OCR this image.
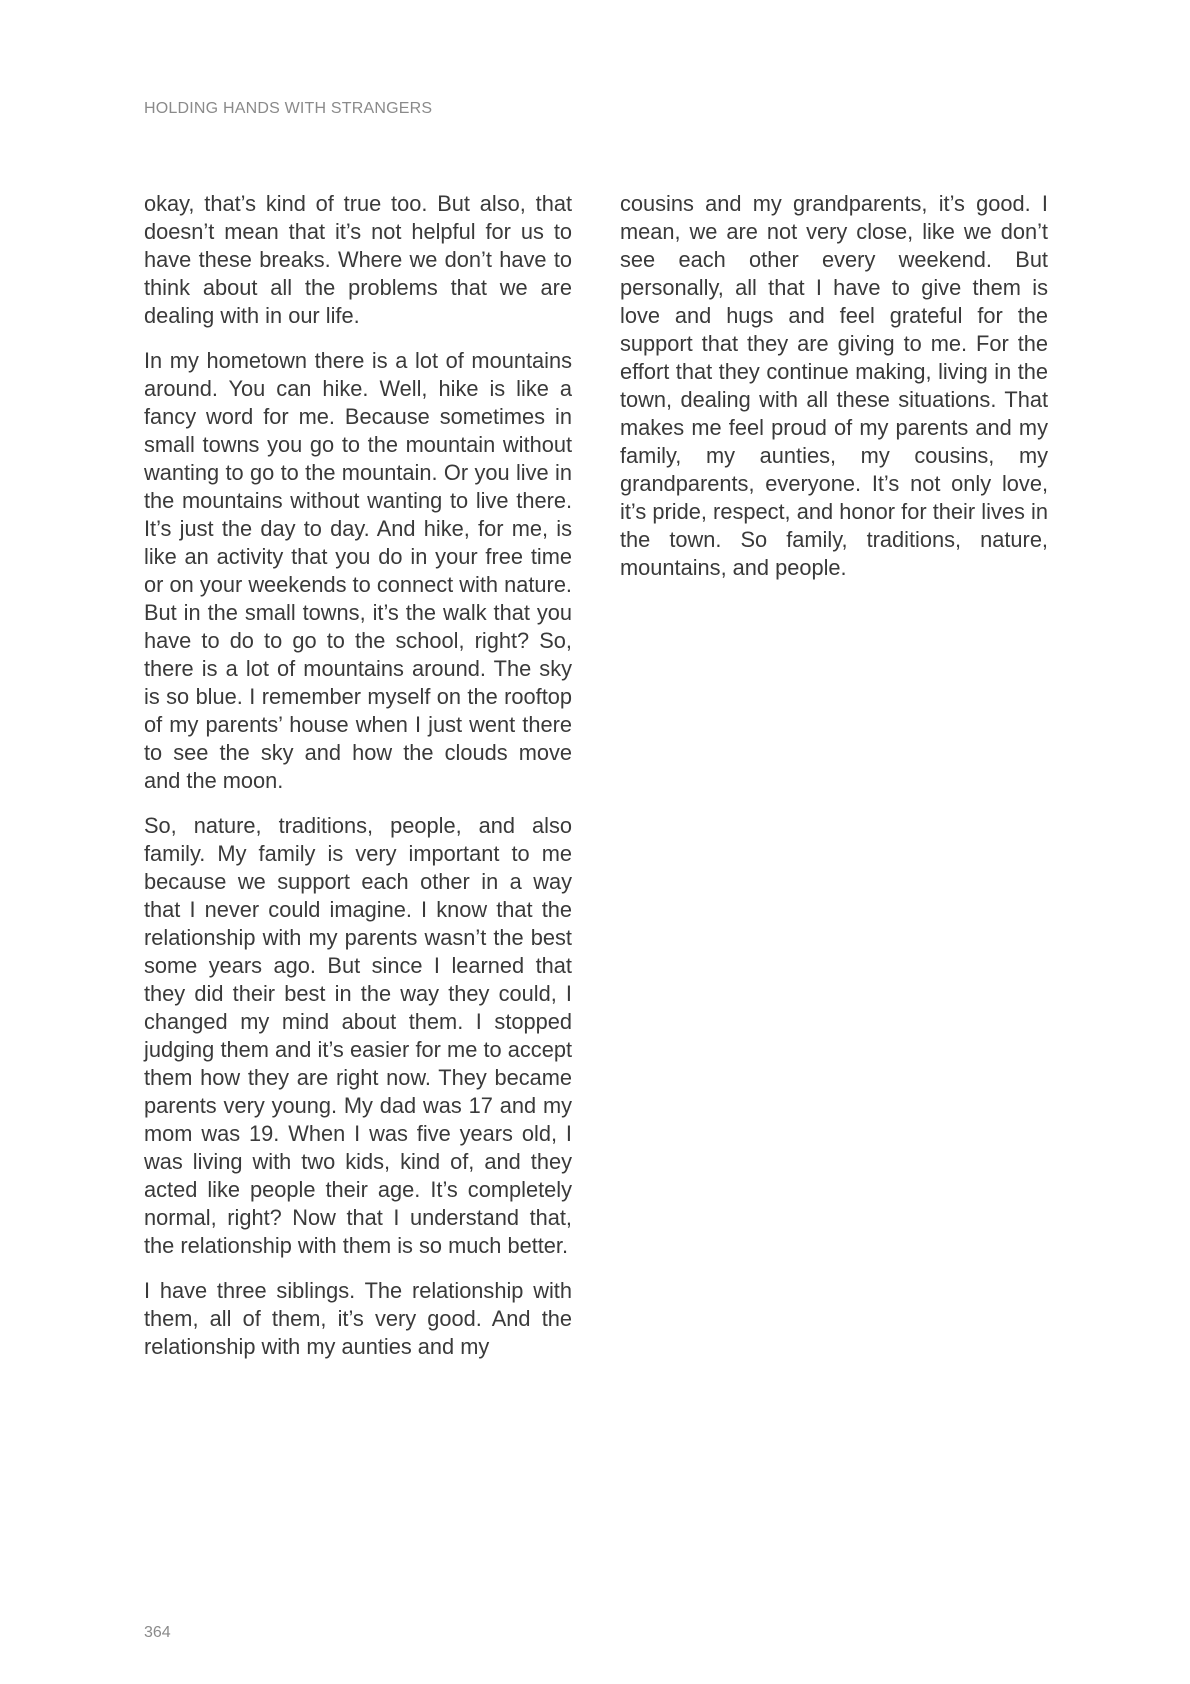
HOLDING HANDS WITH STRANGERS

okay, that’s kind of true too. But also, that doesn’t mean that it’s not helpful for us to have these breaks. Where we don’t have to think about all the problems that we are dealing with in our life.

In my hometown there is a lot of mountains around. You can hike. Well, hike is like a fancy word for me. Because sometimes in small towns you go to the mountain without wanting to go to the mountain. Or you live in the mountains without wanting to live there. It’s just the day to day. And hike, for me, is like an activity that you do in your free time or on your weekends to connect with nature. But in the small towns, it’s the walk that you have to do to go to the school, right? So, there is a lot of mountains around. The sky is so blue. I remember myself on the rooftop of my parents’ house when I just went there to see the sky and how the clouds move and the moon.

So, nature, traditions, people, and also family. My family is very important to me because we support each other in a way that I never could imagine. I know that the relationship with my parents wasn’t the best some years ago. But since I learned that they did their best in the way they could, I changed my mind about them. I stopped judging them and it’s easier for me to accept them how they are right now. They became parents very young. My dad was 17 and my mom was 19. When I was five years old, I was living with two kids, kind of, and they acted like people their age. It’s completely normal, right? Now that I understand that, the relationship with them is so much better.

I have three siblings. The relationship with them, all of them, it’s very good. And the relationship with my aunties and my

cousins and my grandparents, it’s good. I mean, we are not very close, like we don’t see each other every weekend. But personally, all that I have to give them is love and hugs and feel grateful for the support that they are giving to me. For the effort that they continue making, living in the town, dealing with all these situations. That makes me feel proud of my parents and my family, my aunties, my cousins, my grandparents, everyone. It’s not only love, it’s pride, respect, and honor for their lives in the town. So family, traditions, nature, mountains, and people.

364
